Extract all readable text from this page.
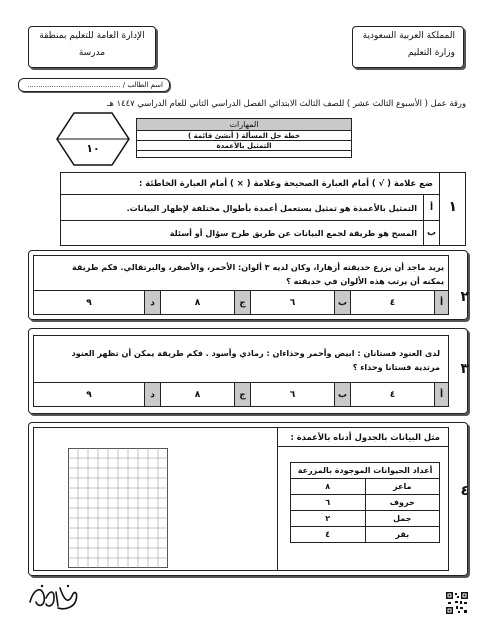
المملكة العربية السعودية
وزارة التعليم
الإدارة العامة للتعليم بمنطقة
مدرسة
اسم الطالب / ..........................................
ورقة عمل ( الأسبوع الثالث عشر ) للصف الثالث الابتدائي الفصل الدراسي الثاني للعام الدراسي ١٤٤٧ هـ
١٠
المهارات
خطة حل المسألة ( أنشئ قائمة )
التمثيل بالأعمدة
١
ضع علامة ( √ ) أمام العبارة الصحيحة وعلامة ( × ) أمام العبارة الخاطئة :
أ
التمثيل بالأعمدة هو تمثيل يستعمل أعمدة بأطوال مختلفة لإظهار البيانات.
ب
المسح هو طريقة لجمع البيانات عن طريق طرح سؤال أو أسئلة
٢
يريد ماجد أن يزرع حديقته أزهارا، وكان لديه ٣ ألوان: الأحمر، والأصفر، والبرتقالي. فكم طريقة
يمكنه أن يرتب هذه الألوان في حديقته ؟
أ
٤
ب
٦
ج
٨
د
٩
٣
لدى العنود فستانان : ابيض وأحمر وحذاءان : رمادي وأسود . فكم طريقة يمكن أن تظهر العنود
مرتدية فستانا وحذاء ؟
أ
٤
ب
٦
ج
٨
د
٩
٤
مثل البيانات بالجدول أدناه بالأعمدة :
أعداد الحيوانات الموجودة بالمزرعة	
ماعز	٨
خروف	٦
جمل	٢
بقر	٤
